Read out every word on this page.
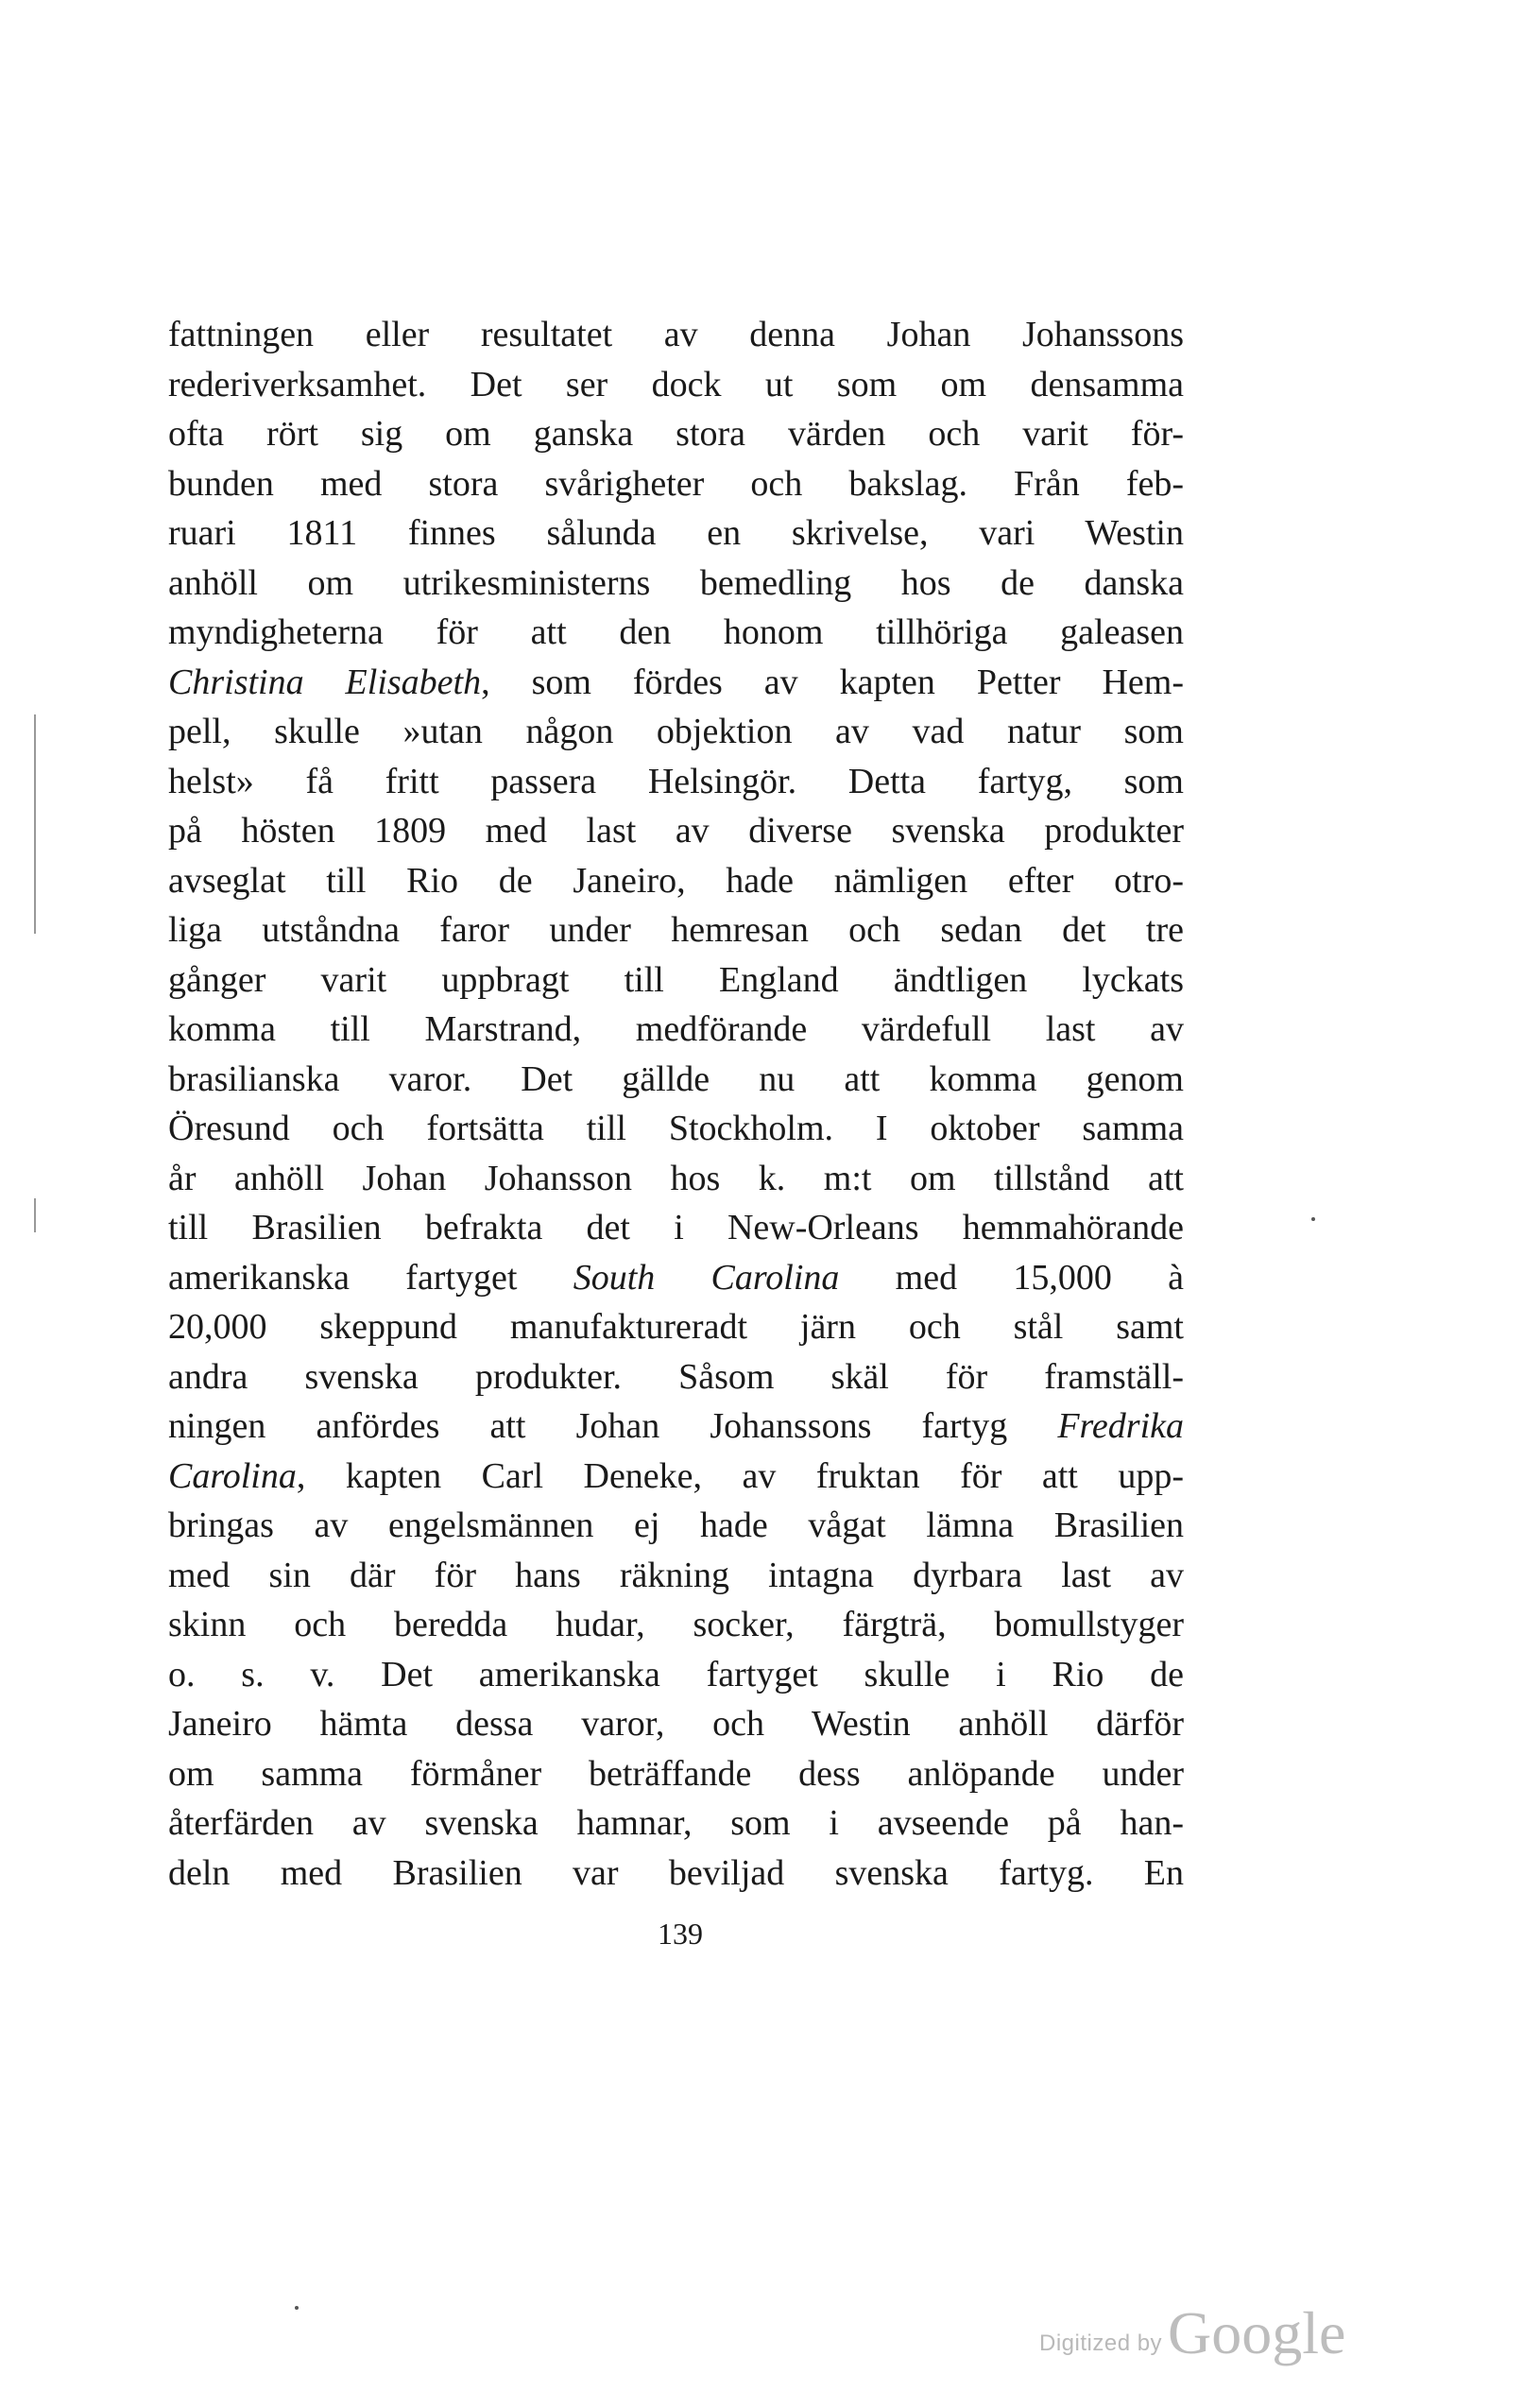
fattningen eller resultatet av denna Johan Johanssons
rederiverksamhet. Det ser dock ut som om densamma
ofta rört sig om ganska stora värden och varit för-
bunden med stora svårigheter och bakslag. Från feb-
ruari 1811 finnes sålunda en skrivelse, vari Westin
anhöll om utrikesministerns bemedling hos de danska
myndigheterna för att den honom tillhöriga galeasen
Christina Elisabeth, som fördes av kapten Petter Hem-
pell, skulle »utan någon objektion av vad natur som
helst» få fritt passera Helsingör. Detta fartyg, som
på hösten 1809 med last av diverse svenska produkter
avseglat till Rio de Janeiro, hade nämligen efter otro-
liga utståndna faror under hemresan och sedan det tre
gånger varit uppbragt till England ändtligen lyckats
komma till Marstrand, medförande värdefull last av
brasilianska varor. Det gällde nu att komma genom
Öresund och fortsätta till Stockholm. I oktober samma
år anhöll Johan Johansson hos k. m:t om tillstånd att
till Brasilien befrakta det i New-Orleans hemmahörande
amerikanska fartyget South Carolina med 15,000 à
20,000 skeppund manufaktureradt järn och stål samt
andra svenska produkter. Såsom skäl för framställ-
ningen anfördes att Johan Johanssons fartyg Fredrika
Carolina, kapten Carl Deneke, av fruktan för att upp-
bringas av engelsmännen ej hade vågat lämna Brasilien
med sin där för hans räkning intagna dyrbara last av
skinn och beredda hudar, socker, färgträ, bomullstyger
o. s. v. Det amerikanska fartyget skulle i Rio de
Janeiro hämta dessa varor, och Westin anhöll därför
om samma förmåner beträffande dess anlöpande under
återfärden av svenska hamnar, som i avseende på han-
deln med Brasilien var beviljad svenska fartyg. En
139
Digitized by Google
